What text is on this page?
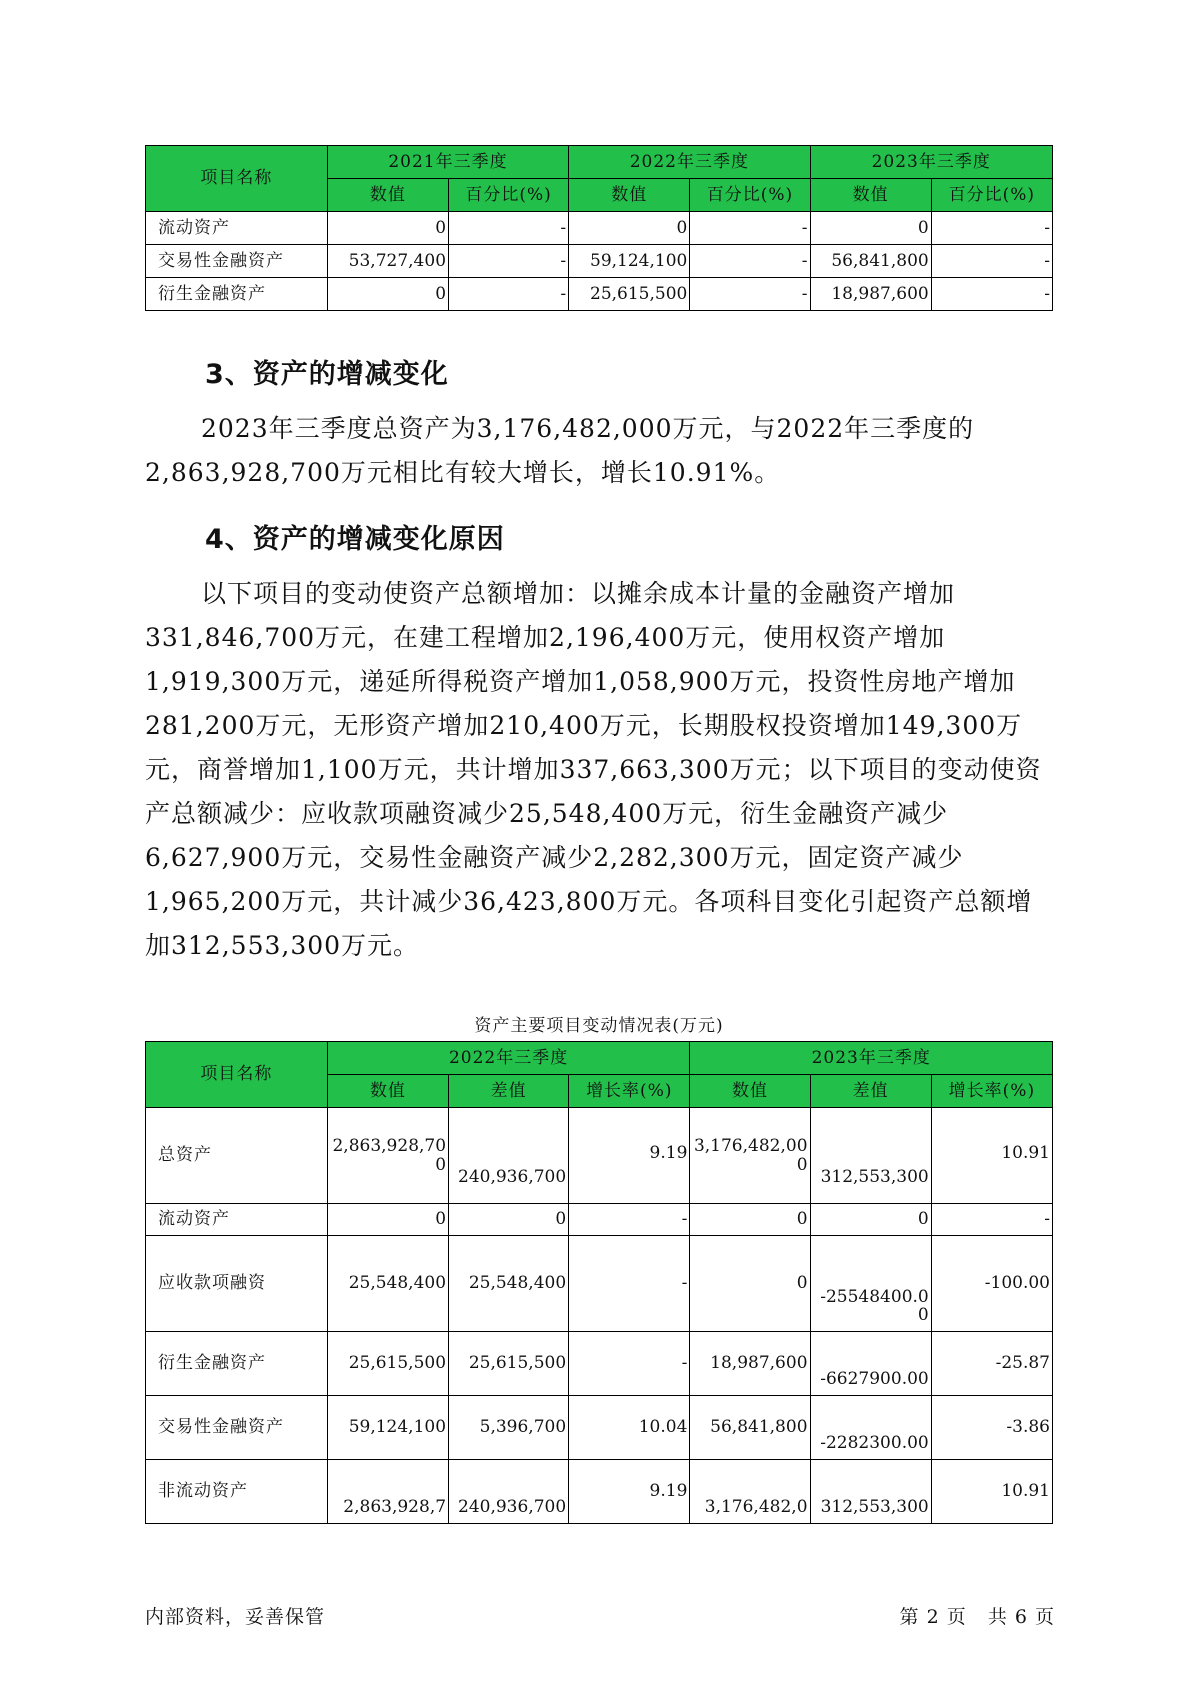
项目名称	2021年三季度		2022年三季度		2023年三季度	
	数值	百分比(%)	数值	百分比(%)	数值	百分比(%)
流动资产	0	-	0	-	0	-
交易性金融资产	53,727,400	-	59,124,100	-	56,841,800	-
衍生金融资产	0	-	25,615,500	-	18,987,600	-
3、资产的增减变化

2023年三季度总资产为3,176,482,000万元，与2022年三季度的2,863,928,700万元相比有较大增长，增长10.91%。

4、资产的增减变化原因

以下项目的变动使资产总额增加：以摊余成本计量的金融资产增加331,846,700万元，在建工程增加2,196,400万元，使用权资产增加1,919,300万元，递延所得税资产增加1,058,900万元，投资性房地产增加281,200万元，无形资产增加210,400万元，长期股权投资增加149,300万元，商誉增加1,100万元，共计增加337,663,300万元；以下项目的变动使资产总额减少：应收款项融资减少25,548,400万元，衍生金融资产减少6,627,900万元，交易性金融资产减少2,282,300万元，固定资产减少1,965,200万元，共计减少36,423,800万元。各项科目变化引起资产总额增加312,553,300万元。

资产主要项目变动情况表(万元)

项目名称	2022年三季度			2023年三季度		
	数值	差值	增长率(%)	数值	差值	增长率(%)
总资产	2,863,928,700	240,936,700	9.19	3,176,482,000	312,553,300	10.91
流动资产	0	0	-	0	0	-
应收款项融资	25,548,400	25,548,400	-	0	-25548400.00	-100.00
衍生金融资产	25,615,500	25,615,500	-	18,987,600	-6627900.00	-25.87
交易性金融资产	59,124,100	5,396,700	10.04	56,841,800	-2282300.00	-3.86
非流动资产	2,863,928,7	240,936,700	9.19	3,176,482,0	312,553,300	10.91
内部资料，妥善保管	第 2 页   共 6 页
